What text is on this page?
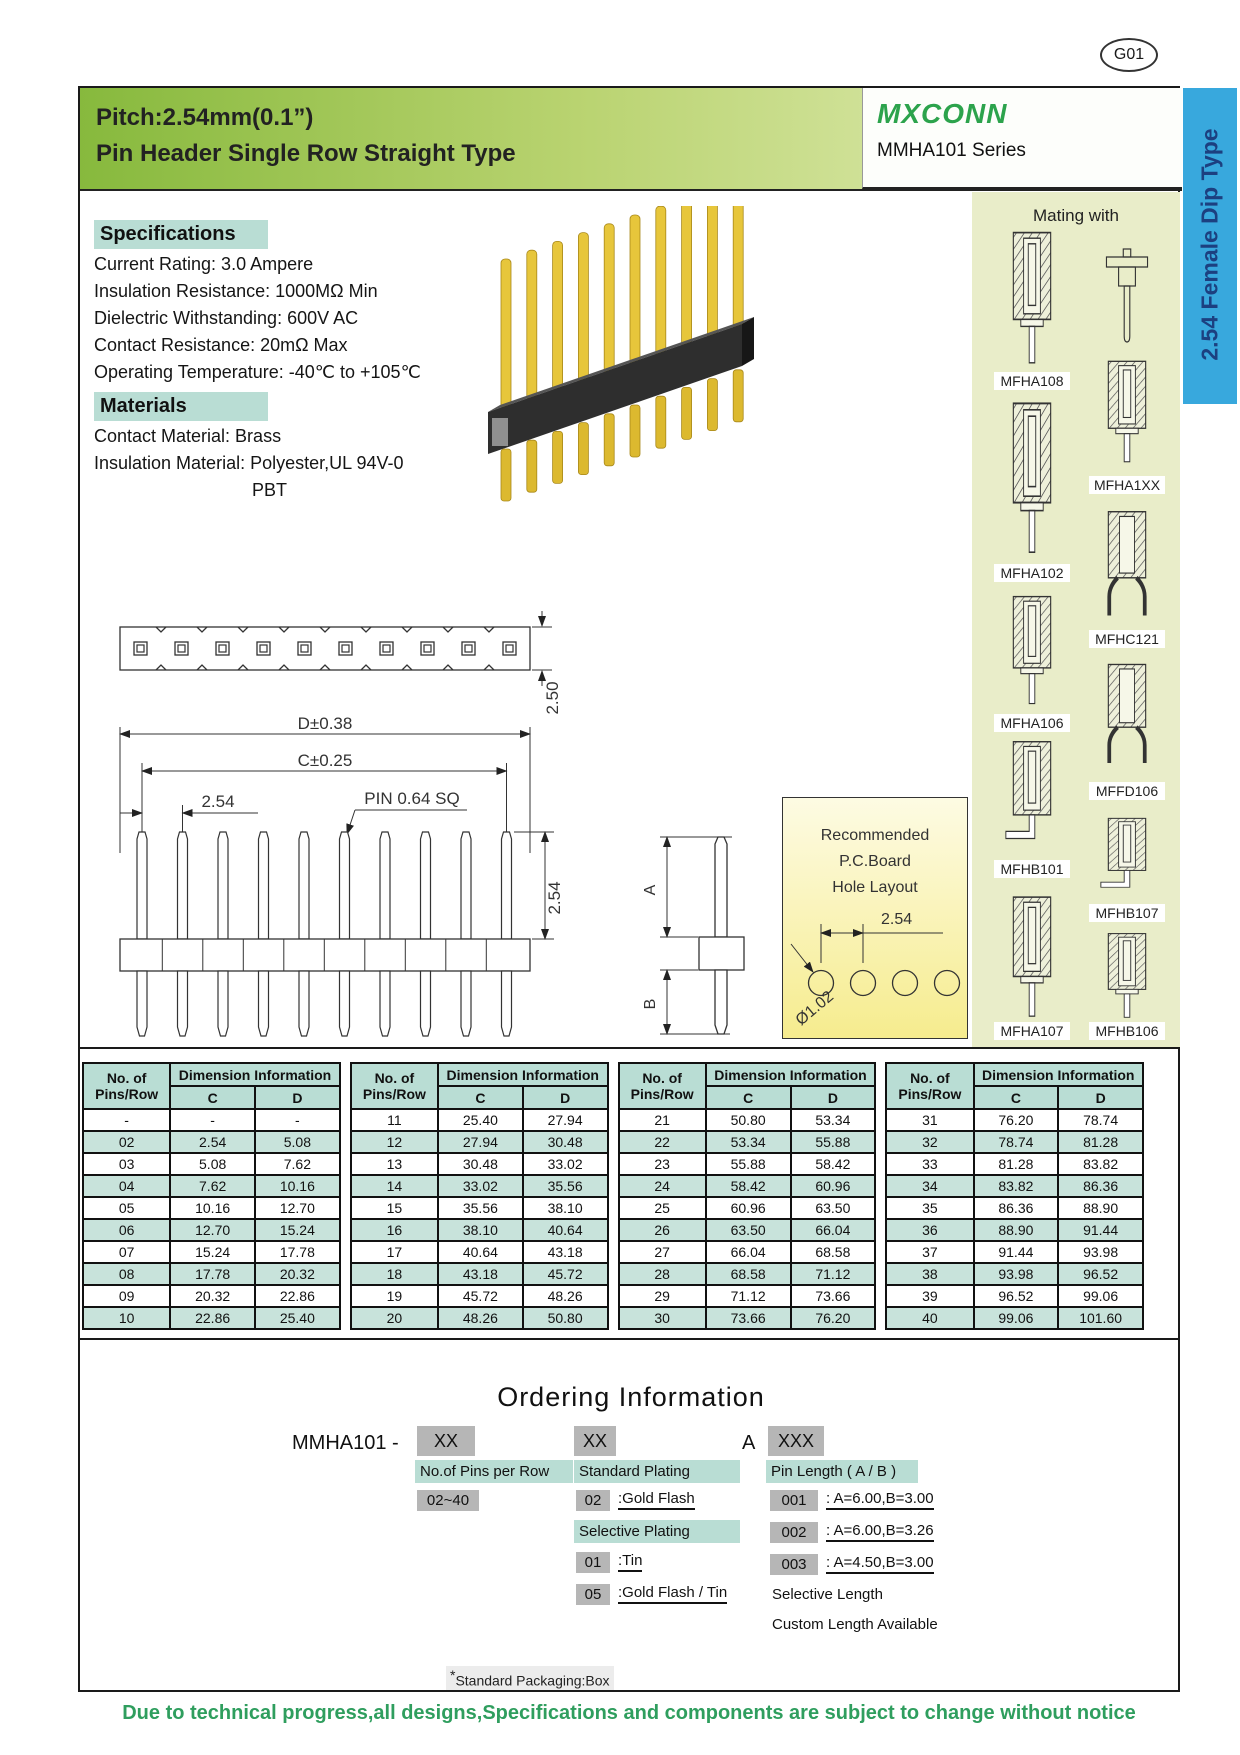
G01
2.54 Female Dip Type
Pitch:2.54mm(0.1”)
Pin Header Single Row Straight Type
MXCONN
MMHA101 Series
Specifications
Current Rating: 3.0 Ampere
Insulation Resistance: 1000MΩ Min
Dielectric Withstanding: 600V AC
Contact Resistance: 20mΩ Max
Operating Temperature: -40℃ to +105℃
Materials
Contact Material: Brass
Insulation Material: Polyester,UL 94V-0
PBT
Mating with
MFHA108
MFHA102
MFHA106
MFHB101
MFHA107
MFHA1XX
MFHC121
MFFD106
MFHB107
MFHB106
2.50
D±0.38
C±0.25
2.54	PIN 0.64 SQ
2.54	A
B
Recommended
P.C.Board
Hole Layout
2.54
Ø1.02
No. of
Pins/Row	Dimension Information	
	C	D
-	-	-
02	2.54	5.08
03	5.08	7.62
04	7.62	10.16
05	10.16	12.70
06	12.70	15.24
07	15.24	17.78
08	17.78	20.32
09	20.32	22.86
10	22.86	25.40
No. of
Pins/Row	Dimension Information	
	C	D
11	25.40	27.94
12	27.94	30.48
13	30.48	33.02
14	33.02	35.56
15	35.56	38.10
16	38.10	40.64
17	40.64	43.18
18	43.18	45.72
19	45.72	48.26
20	48.26	50.80
No. of
Pins/Row	Dimension Information	
	C	D
21	50.80	53.34
22	53.34	55.88
23	55.88	58.42
24	58.42	60.96
25	60.96	63.50
26	63.50	66.04
27	66.04	68.58
28	68.58	71.12
29	71.12	73.66
30	73.66	76.20
No. of
Pins/Row	Dimension Information	
	C	D
31	76.20	78.74
32	78.74	81.28
33	81.28	83.82
34	83.82	86.36
35	86.36	88.90
36	88.90	91.44
37	91.44	93.98
38	93.98	96.52
39	96.52	99.06
40	99.06	101.60
Ordering Information
MMHA101 -	XX	XX	A	XXX
No.of Pins per Row	Standard Plating	Pin Length ( A / B )
02~40	02	:Gold Flash
Selective Plating
01	:Tin
05	:Gold Flash / Tin
001	: A=6.00,B=3.00
002	: A=6.00,B=3.26
003	: A=4.50,B=3.00
Selective Length
Custom Length Available
*Standard Packaging:Box
Due to technical progress,all designs,Specifications and components are subject to change without notice
